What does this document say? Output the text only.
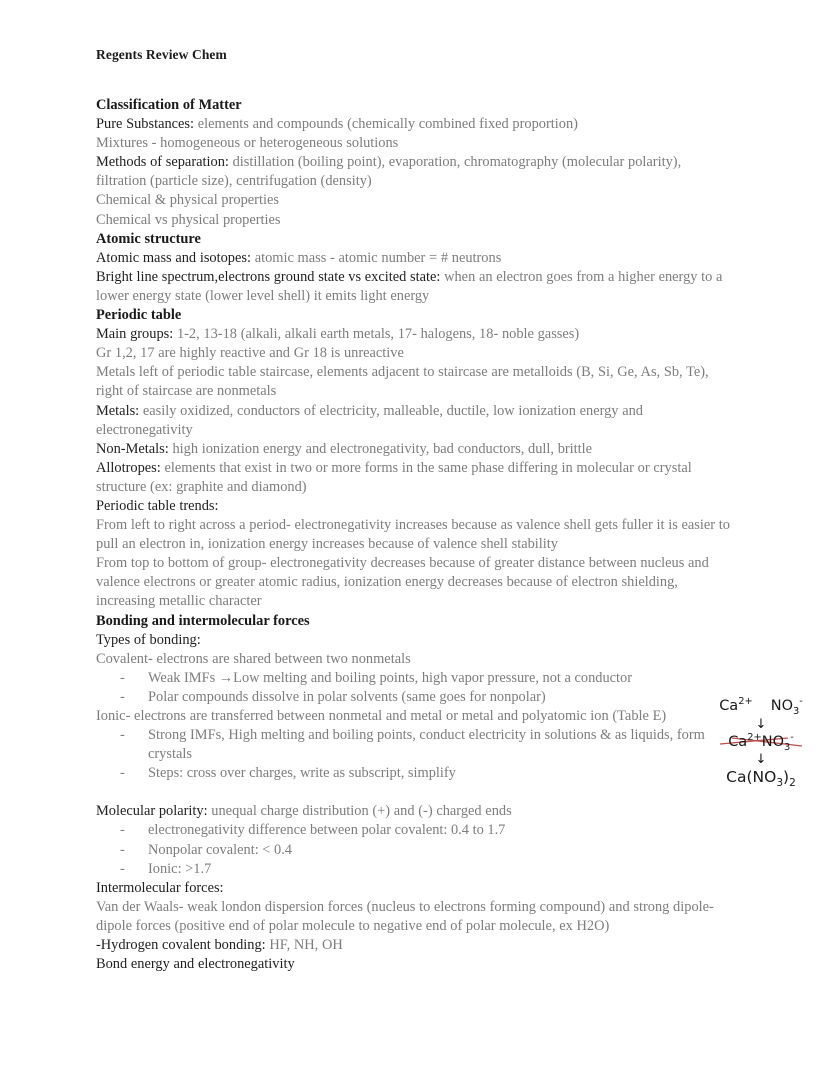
Regents Review Chem

Classification of Matter

Pure Substances: elements and compounds (chemically combined fixed proportion)

Mixtures - homogeneous or heterogeneous solutions

Methods of separation: distillation (boiling point), evaporation, chromatography (molecular polarity), filtration (particle size), centrifugation (density)

Chemical & physical properties

Chemical vs physical properties

Atomic structure

Atomic mass and isotopes: atomic mass - atomic number = # neutrons

Bright line spectrum,electrons ground state vs excited state: when an electron goes from a higher energy to a lower energy state (lower level shell) it emits light energy

Periodic table

Main groups: 1-2, 13-18 (alkali, alkali earth metals, 17- halogens, 18- noble gasses)

Gr 1,2, 17 are highly reactive and Gr 18 is unreactive

Metals left of periodic table staircase, elements adjacent to staircase are metalloids (B, Si, Ge, As, Sb, Te), right of staircase are nonmetals

Metals: easily oxidized, conductors of electricity, malleable, ductile, low ionization energy and electronegativity

Non-Metals: high ionization energy and electronegativity, bad conductors, dull, brittle

Allotropes: elements that exist in two or more forms in the same phase differing in molecular or crystal structure (ex: graphite and diamond)

Periodic table trends:

From left to right across a period- electronegativity increases because as valence shell gets fuller it is easier to pull an electron in, ionization energy increases because of valence shell stability

From top to bottom of group- electronegativity decreases because of greater distance between nucleus and valence electrons or greater atomic radius, ionization energy decreases because of electron shielding, increasing metallic character

Bonding and intermolecular forces

Types of bonding:

Covalent- electrons are shared between two nonmetals

- Weak IMFs →Low melting and boiling points, high vapor pressure, not a conductor
- Polar compounds dissolve in polar solvents (same goes for nonpolar)

Ionic- electrons are transferred between nonmetal and metal or metal and polyatomic ion (Table E)

- Strong IMFs, High melting and boiling points, conduct electricity in solutions & as liquids, form crystals
- Steps: cross over charges, write as subscript, simplify

Molecular polarity: unequal charge distribution (+) and (-) charged ends

- electronegativity difference between polar covalent: 0.4 to 1.7
- Nonpolar covalent: < 0.4
- Ionic: >1.7

Intermolecular forces:

Van der Waals- weak london dispersion forces (nucleus to electrons forming compound) and strong dipole-dipole forces (positive end of polar molecule to negative end of polar molecule, ex H2O)

-Hydrogen covalent bonding: HF, NH, OH

Bond energy and electronegativity

$Ca^{2+}$ $NO_3^-$
↓
$Ca^{2+}NO_3^-$
↓
$Ca(NO_3)_2$
